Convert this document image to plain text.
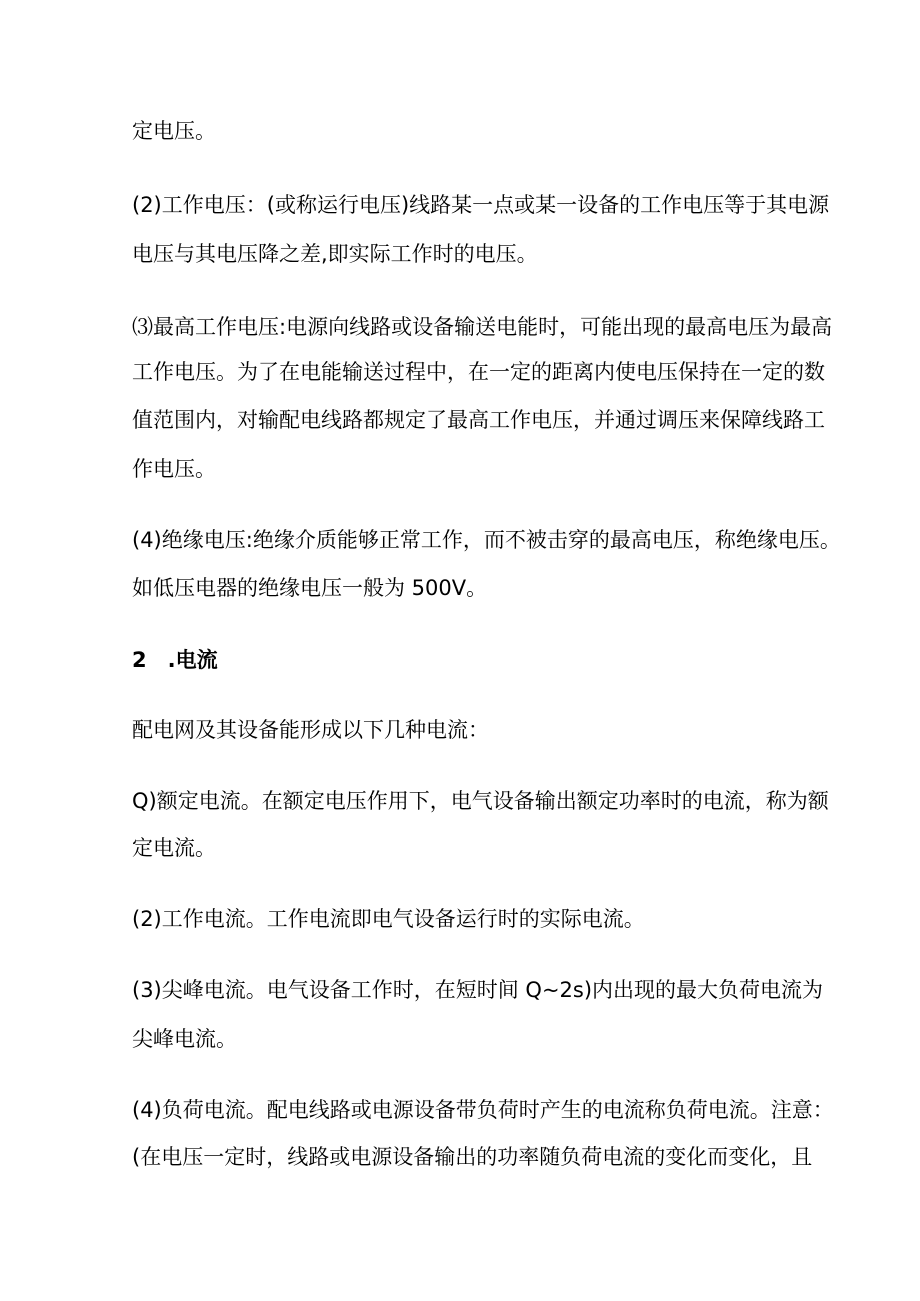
定电压。
(2)工作电压：(或称运行电压)线路某一点或某一设备的工作电压等于其电源
电压与其电压降之差,即实际工作时的电压。
⑶最高工作电压:电源向线路或设备输送电能时，可能出现的最高电压为最高
工作电压。为了在电能输送过程中，在一定的距离内使电压保持在一定的数
值范围内，对输配电线路都规定了最高工作电压，并通过调压来保障线路工
作电压。
(4)绝缘电压:绝缘介质能够正常工作，而不被击穿的最高电压，称绝缘电压。
如低压电器的绝缘电压一般为 500V。
2　.电流
配电网及其设备能形成以下几种电流：
Q)额定电流。在额定电压作用下，电气设备输出额定功率时的电流，称为额
定电流。
(2)工作电流。工作电流即电气设备运行时的实际电流。
(3)尖峰电流。电气设备工作时，在短时间 Q~2s)内出现的最大负荷电流为
尖峰电流。
(4)负荷电流。配电线路或电源设备带负荷时产生的电流称负荷电流。注意：
(在电压一定时，线路或电源设备输出的功率随负荷电流的变化而变化，且
